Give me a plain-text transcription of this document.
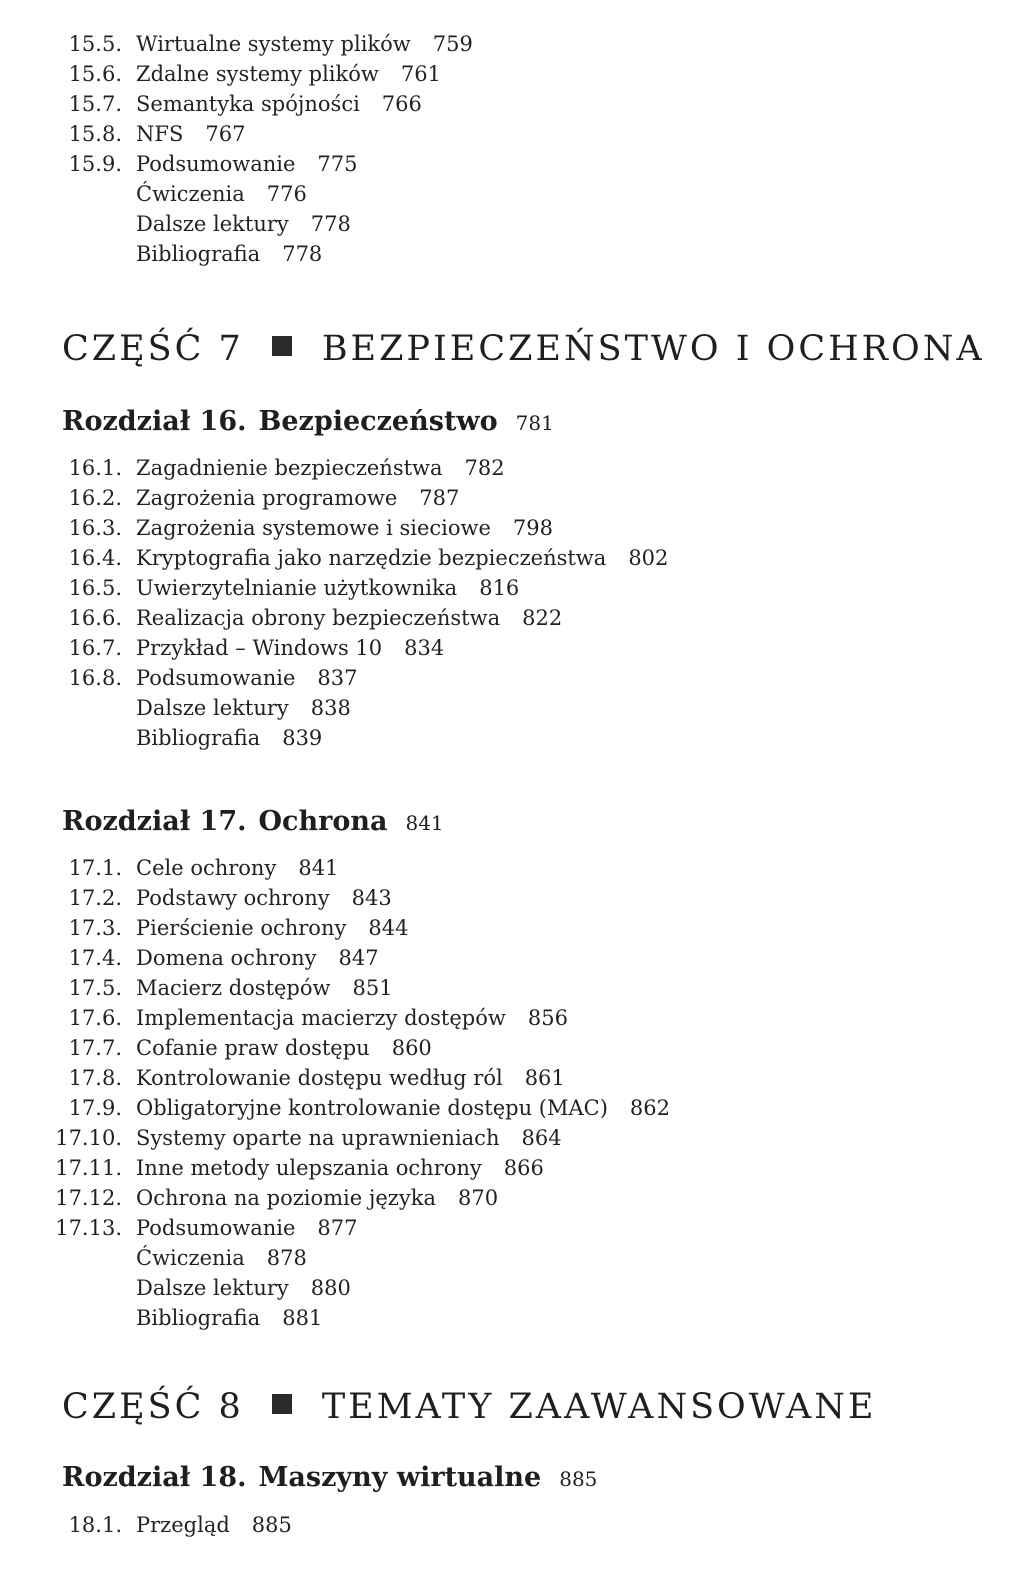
15.5. Wirtualne systemy plików 759
15.6. Zdalne systemy plików 761
15.7. Semantyka spójności 766
15.8. NFS 767
15.9. Podsumowanie 775
Ćwiczenia 776
Dalsze lektury 778
Bibliografia 778
CZĘŚĆ 7 BEZPIECZEŃSTWO I OCHRONA
Rozdział 16. Bezpieczeństwo 781
16.1. Zagadnienie bezpieczeństwa 782
16.2. Zagrożenia programowe 787
16.3. Zagrożenia systemowe i sieciowe 798
16.4. Kryptografia jako narzędzie bezpieczeństwa 802
16.5. Uwierzytelnianie użytkownika 816
16.6. Realizacja obrony bezpieczeństwa 822
16.7. Przykład – Windows 10 834
16.8. Podsumowanie 837
Dalsze lektury 838
Bibliografia 839
Rozdział 17. Ochrona 841
17.1. Cele ochrony 841
17.2. Podstawy ochrony 843
17.3. Pierścienie ochrony 844
17.4. Domena ochrony 847
17.5. Macierz dostępów 851
17.6. Implementacja macierzy dostępów 856
17.7. Cofanie praw dostępu 860
17.8. Kontrolowanie dostępu według ról 861
17.9. Obligatoryjne kontrolowanie dostępu (MAC) 862
17.10. Systemy oparte na uprawnieniach 864
17.11. Inne metody ulepszania ochrony 866
17.12. Ochrona na poziomie języka 870
17.13. Podsumowanie 877
Ćwiczenia 878
Dalsze lektury 880
Bibliografia 881
CZĘŚĆ 8 TEMATY ZAAWANSOWANE
Rozdział 18. Maszyny wirtualne 885
18.1. Przegląd 885
